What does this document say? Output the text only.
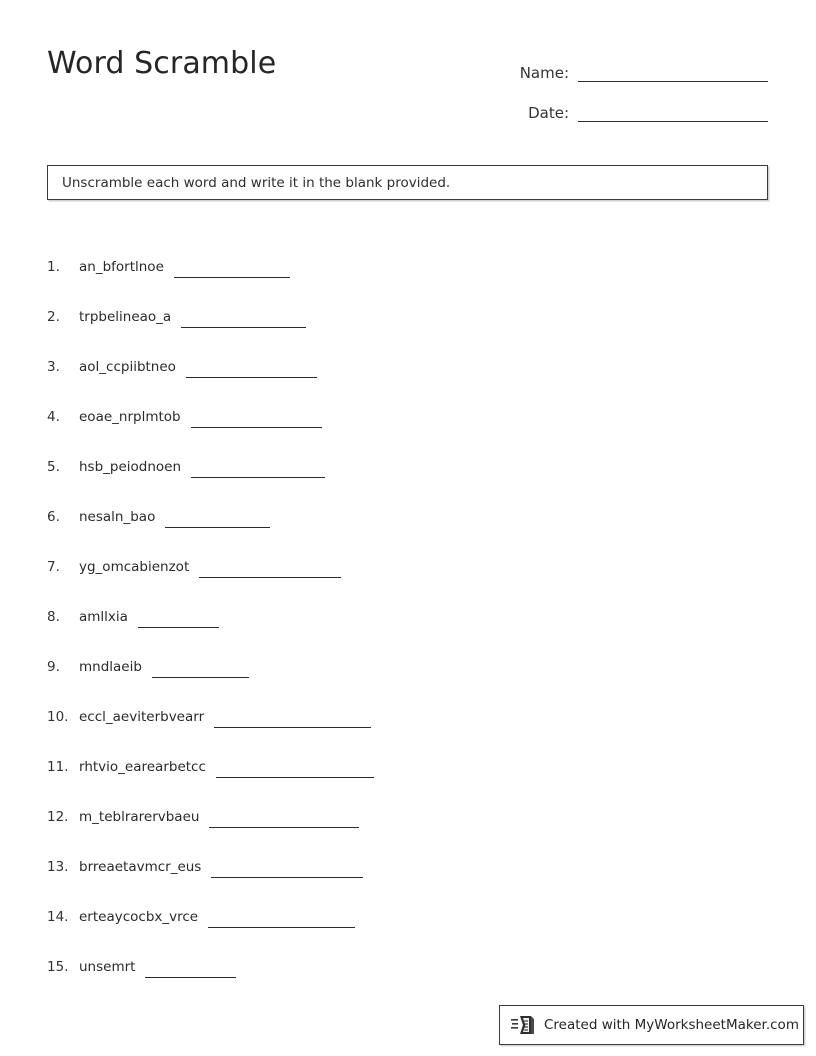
Word Scramble	Name:
Date:
Unscramble each word and write it in the blank provided.
1.	an_bfortlnoe
2.	trpbelineao_a
3.	aol_ccpiibtneo
4.	eoae_nrplmtob
5.	hsb_peiodnoen
6.	nesaln_bao
7.	yg_omcabienzot
8.	amllxia
9.	mndlaeib
10. eccl_aeviterbvearr
11. rhtvio_earearbetcc
12. m_teblrarervbaeu
13. brreaetavmcr_eus
14. erteaycocbx_vrce
15. unsemrt
Created with MyWorksheetMaker.com
